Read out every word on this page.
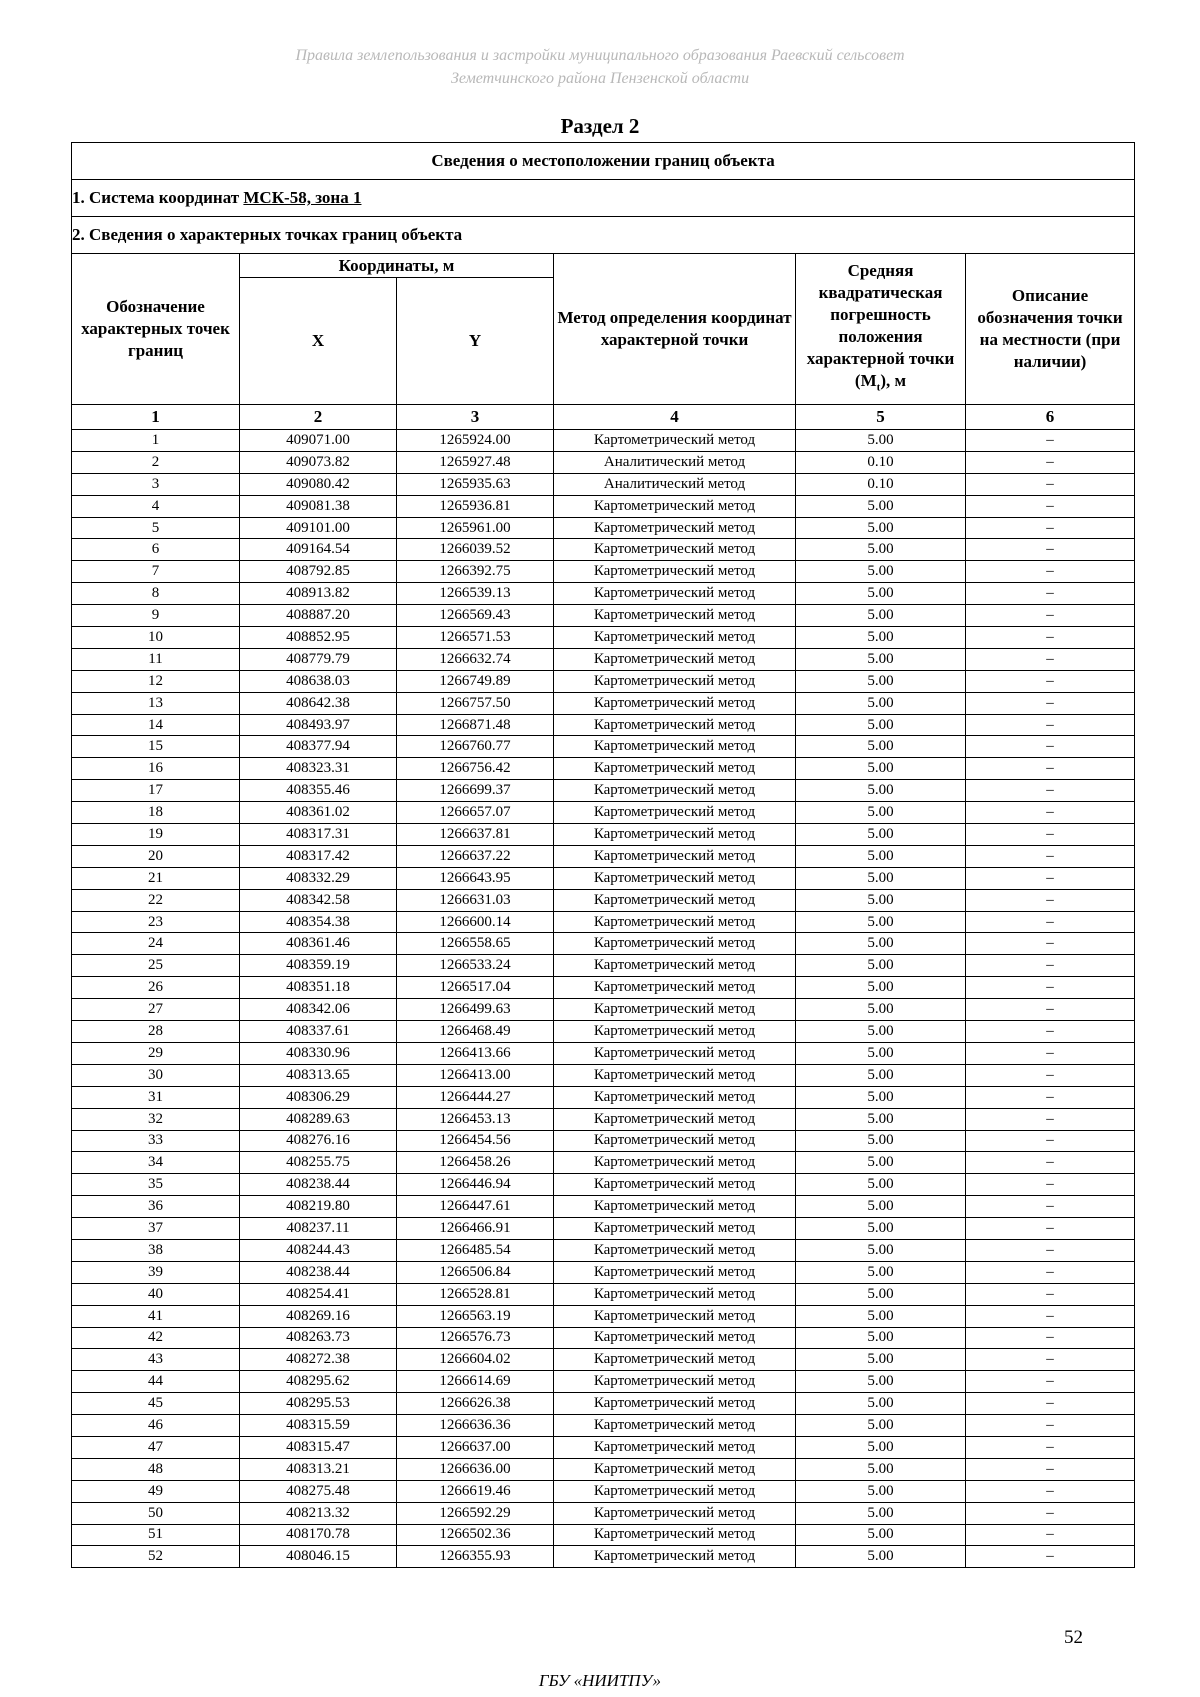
Правила землепользования и застройки муниципального образования Раевский сельсовет
Земетчинского района Пензенской области
Раздел 2
Сведения о местоположении границ объекта					
1. Система координат МСК-58, зона 1					
2. Сведения о характерных точках границ объекта					
Обозначение характерных точек границ	Координаты, м		Метод определения координат характерной точки	Средняя квадратическая погрешность положения характерной точки $(M_t)$, м	Описание обозначения точки на местности (при наличии)
	X	Y			
1	2	3	4	5	6
1	409071.00	1265924.00	Картометрический метод	5.00	–
2	409073.82	1265927.48	Аналитический метод	0.10	–
3	409080.42	1265935.63	Аналитический метод	0.10	–
4	409081.38	1265936.81	Картометрический метод	5.00	–
5	409101.00	1265961.00	Картометрический метод	5.00	–
6	409164.54	1266039.52	Картометрический метод	5.00	–
7	408792.85	1266392.75	Картометрический метод	5.00	–
8	408913.82	1266539.13	Картометрический метод	5.00	–
9	408887.20	1266569.43	Картометрический метод	5.00	–
10	408852.95	1266571.53	Картометрический метод	5.00	–
11	408779.79	1266632.74	Картометрический метод	5.00	–
12	408638.03	1266749.89	Картометрический метод	5.00	–
13	408642.38	1266757.50	Картометрический метод	5.00	–
14	408493.97	1266871.48	Картометрический метод	5.00	–
15	408377.94	1266760.77	Картометрический метод	5.00	–
16	408323.31	1266756.42	Картометрический метод	5.00	–
17	408355.46	1266699.37	Картометрический метод	5.00	–
18	408361.02	1266657.07	Картометрический метод	5.00	–
19	408317.31	1266637.81	Картометрический метод	5.00	–
20	408317.42	1266637.22	Картометрический метод	5.00	–
21	408332.29	1266643.95	Картометрический метод	5.00	–
22	408342.58	1266631.03	Картометрический метод	5.00	–
23	408354.38	1266600.14	Картометрический метод	5.00	–
24	408361.46	1266558.65	Картометрический метод	5.00	–
25	408359.19	1266533.24	Картометрический метод	5.00	–
26	408351.18	1266517.04	Картометрический метод	5.00	–
27	408342.06	1266499.63	Картометрический метод	5.00	–
28	408337.61	1266468.49	Картометрический метод	5.00	–
29	408330.96	1266413.66	Картометрический метод	5.00	–
30	408313.65	1266413.00	Картометрический метод	5.00	–
31	408306.29	1266444.27	Картометрический метод	5.00	–
32	408289.63	1266453.13	Картометрический метод	5.00	–
33	408276.16	1266454.56	Картометрический метод	5.00	–
34	408255.75	1266458.26	Картометрический метод	5.00	–
35	408238.44	1266446.94	Картометрический метод	5.00	–
36	408219.80	1266447.61	Картометрический метод	5.00	–
37	408237.11	1266466.91	Картометрический метод	5.00	–
38	408244.43	1266485.54	Картометрический метод	5.00	–
39	408238.44	1266506.84	Картометрический метод	5.00	–
40	408254.41	1266528.81	Картометрический метод	5.00	–
41	408269.16	1266563.19	Картометрический метод	5.00	–
42	408263.73	1266576.73	Картометрический метод	5.00	–
43	408272.38	1266604.02	Картометрический метод	5.00	–
44	408295.62	1266614.69	Картометрический метод	5.00	–
45	408295.53	1266626.38	Картометрический метод	5.00	–
46	408315.59	1266636.36	Картометрический метод	5.00	–
47	408315.47	1266637.00	Картометрический метод	5.00	–
48	408313.21	1266636.00	Картометрический метод	5.00	–
49	408275.48	1266619.46	Картометрический метод	5.00	–
50	408213.32	1266592.29	Картометрический метод	5.00	–
51	408170.78	1266502.36	Картометрический метод	5.00	–
52	408046.15	1266355.93	Картометрический метод	5.00	–
52
ГБУ «НИИТПУ»
